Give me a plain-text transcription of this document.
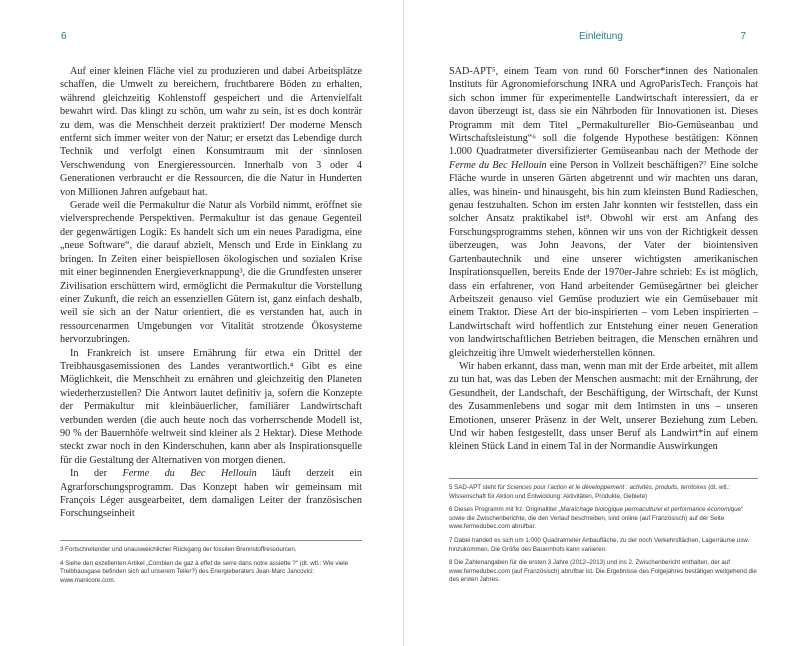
6

Auf einer kleinen Fläche viel zu produzieren und dabei Arbeitsplätze schaffen, die Umwelt zu bereichern, fruchtbarere Böden zu erhalten, während gleichzeitig Kohlenstoff gespeichert und die Artenvielfalt bewahrt wird. Das klingt zu schön, um wahr zu sein, ist es doch konträr zu dem, was die Menschheit derzeit praktiziert! Der moderne Mensch entfernt sich immer weiter von der Natur; er ersetzt das Lebendige durch Technik und verfolgt einen Konsumtraum mit der sinnlosen Verschwendung von Energieressourcen. Innerhalb von 3 oder 4 Generationen verbraucht er die Ressourcen, die die Natur in Hunderten von Millionen Jahren aufgebaut hat.

Gerade weil die Permakultur die Natur als Vorbild nimmt, eröffnet sie vielversprechende Perspektiven. Permakultur ist das genaue Gegenteil der gegenwärtigen Logik: Es handelt sich um ein neues Paradigma, eine „neue Software“, die darauf abzielt, Mensch und Erde in Einklang zu bringen. In Zeiten einer beispiellosen ökologischen und sozialen Krise mit einer beginnenden Energieverknappung³, die die Grundfesten unserer Zivilisation erschüttern wird, ermöglicht die Permakultur die Vorstellung einer Zukunft, die reich an essenziellen Gütern ist, ganz einfach deshalb, weil sie sich an der Natur orientiert, die es verstanden hat, auch in ressourcenarmen Umgebungen vor Vitalität strotzende Ökosysteme hervorzubringen.

In Frankreich ist unsere Ernährung für etwa ein Drittel der Treibhausgasemissionen des Landes verantwortlich.⁴ Gibt es eine Möglichkeit, die Menschheit zu ernähren und gleichzeitig den Planeten wiederherzustellen? Die Antwort lautet definitiv ja, sofern die Konzepte der Permakultur mit kleinbäuerlicher, familiärer Landwirtschaft verbunden werden (die auch heute noch das vorherrschende Modell ist, 90 % der Bauernhöfe weltweit sind kleiner als 2 Hektar). Diese Methode steckt zwar noch in den Kinderschuhen, kann aber als Inspirationsquelle für die Gestaltung der Alternativen von morgen dienen.

In der Ferme du Bec Hellouin läuft derzeit ein Agrarforschungsprogramm. Das Konzept haben wir gemeinsam mit François Léger ausgearbeitet, dem damaligen Leiter der französischen Forschungseinheit

3 Fortschreitender und unausweichlicher Rückgang der fossilen Brennstoffressourcen.

4 Siehe den exzellenten Artikel „Combien de gaz à effet de serre dans notre assiette ?“ (dt. wtl.: Wie viele Treibhausgase befinden sich auf unserem Teller?) des Energieberaters Jean-Marc Jancovici: www.manicore.com.

Einleitung	7

SAD-APT⁵, einem Team von rund 60 Forscher*innen des Nationalen Instituts für Agronomieforschung INRA und AgroParisTech. François hat sich schon immer für experimentelle Landwirtschaft interessiert, da er davon überzeugt ist, dass sie ein Nährboden für Innovationen ist. Dieses Programm mit dem Titel „Permakultureller Bio-Gemüseanbau und Wirtschaftsleistung“⁶ soll die folgende Hypothese bestätigen: Können 1.000 Quadratmeter diversifizierter Gemüseanbau nach der Methode der Ferme du Bec Hellouin eine Person in Vollzeit beschäftigen?⁷ Eine solche Fläche wurde in unseren Gärten abgetrennt und wir machten uns daran, alles, was hinein- und hinausgeht, bis hin zum kleinsten Bund Radieschen, genau festzuhalten. Schon im ersten Jahr konnten wir feststellen, dass ein solcher Ansatz praktikabel ist⁸. Obwohl wir erst am Anfang des Forschungsprogramms stehen, können wir uns von der Richtigkeit dessen überzeugen, was John Jeavons, der Vater der biointensiven Gartenbautechnik und eine unserer wichtigsten amerikanischen Inspirationsquellen, bereits Ende der 1970er-Jahre schrieb: Es ist möglich, dass ein erfahrener, von Hand arbeitender Gemüsegärtner bei gleicher Arbeitszeit genauso viel Gemüse produziert wie ein Gemüsebauer mit einem Traktor. Diese Art der bio-inspirierten – vom Leben inspirierten – Landwirtschaft wird hoffentlich zur Entstehung einer neuen Generation von landwirtschaftlichen Betrieben beitragen, die Menschen ernähren und gleichzeitig ihre Umwelt wiederherstellen können.

Wir haben erkannt, dass man, wenn man mit der Erde arbeitet, mit allem zu tun hat, was das Leben der Menschen ausmacht: mit der Ernährung, der Gesundheit, der Landschaft, der Beschäftigung, der Wirtschaft, der Kunst des Zusammenlebens und sogar mit dem Intimsten in uns – unseren Emotionen, unserer Präsenz in der Welt, unserer Beziehung zum Leben. Und wir haben festgestellt, dass unser Beruf als Landwirt*in auf einem kleinen Stück Land in einem Tal in der Normandie Auswirkungen

5 SAD-APT steht für Sciences pour l’action et le développement : activités, produits, territoires (dt. wtl.: Wissenschaft für Aktion und Entwicklung: Aktivitäten, Produkte, Gebiete)

6 Dieses Programm mit frz. Originaltitel „Maraîchage biologique permaculturel et performance économique“ sowie die Zwischenberichte, die den Verlauf beschreiben, sind online (auf Französisch) auf der Seite www.fermedubec.com abrufbar.

7 Dabei handelt es sich um 1.000 Quadratmeter Anbaufläche, zu der noch Verkehrsflächen, Lagerräume usw. hinzukommen. Die Größe des Bauernhofs kann variieren.

8 Die Zahlenangaben für die ersten 3 Jahre (2012–2013) und ins 2. Zwischenbericht enthalten, der auf www.fermedubec.com (auf Französisch) abrufbar ist. Die Ergebnisse des Folgejahres bestätigen weitgehend die des ersten Jahres.
